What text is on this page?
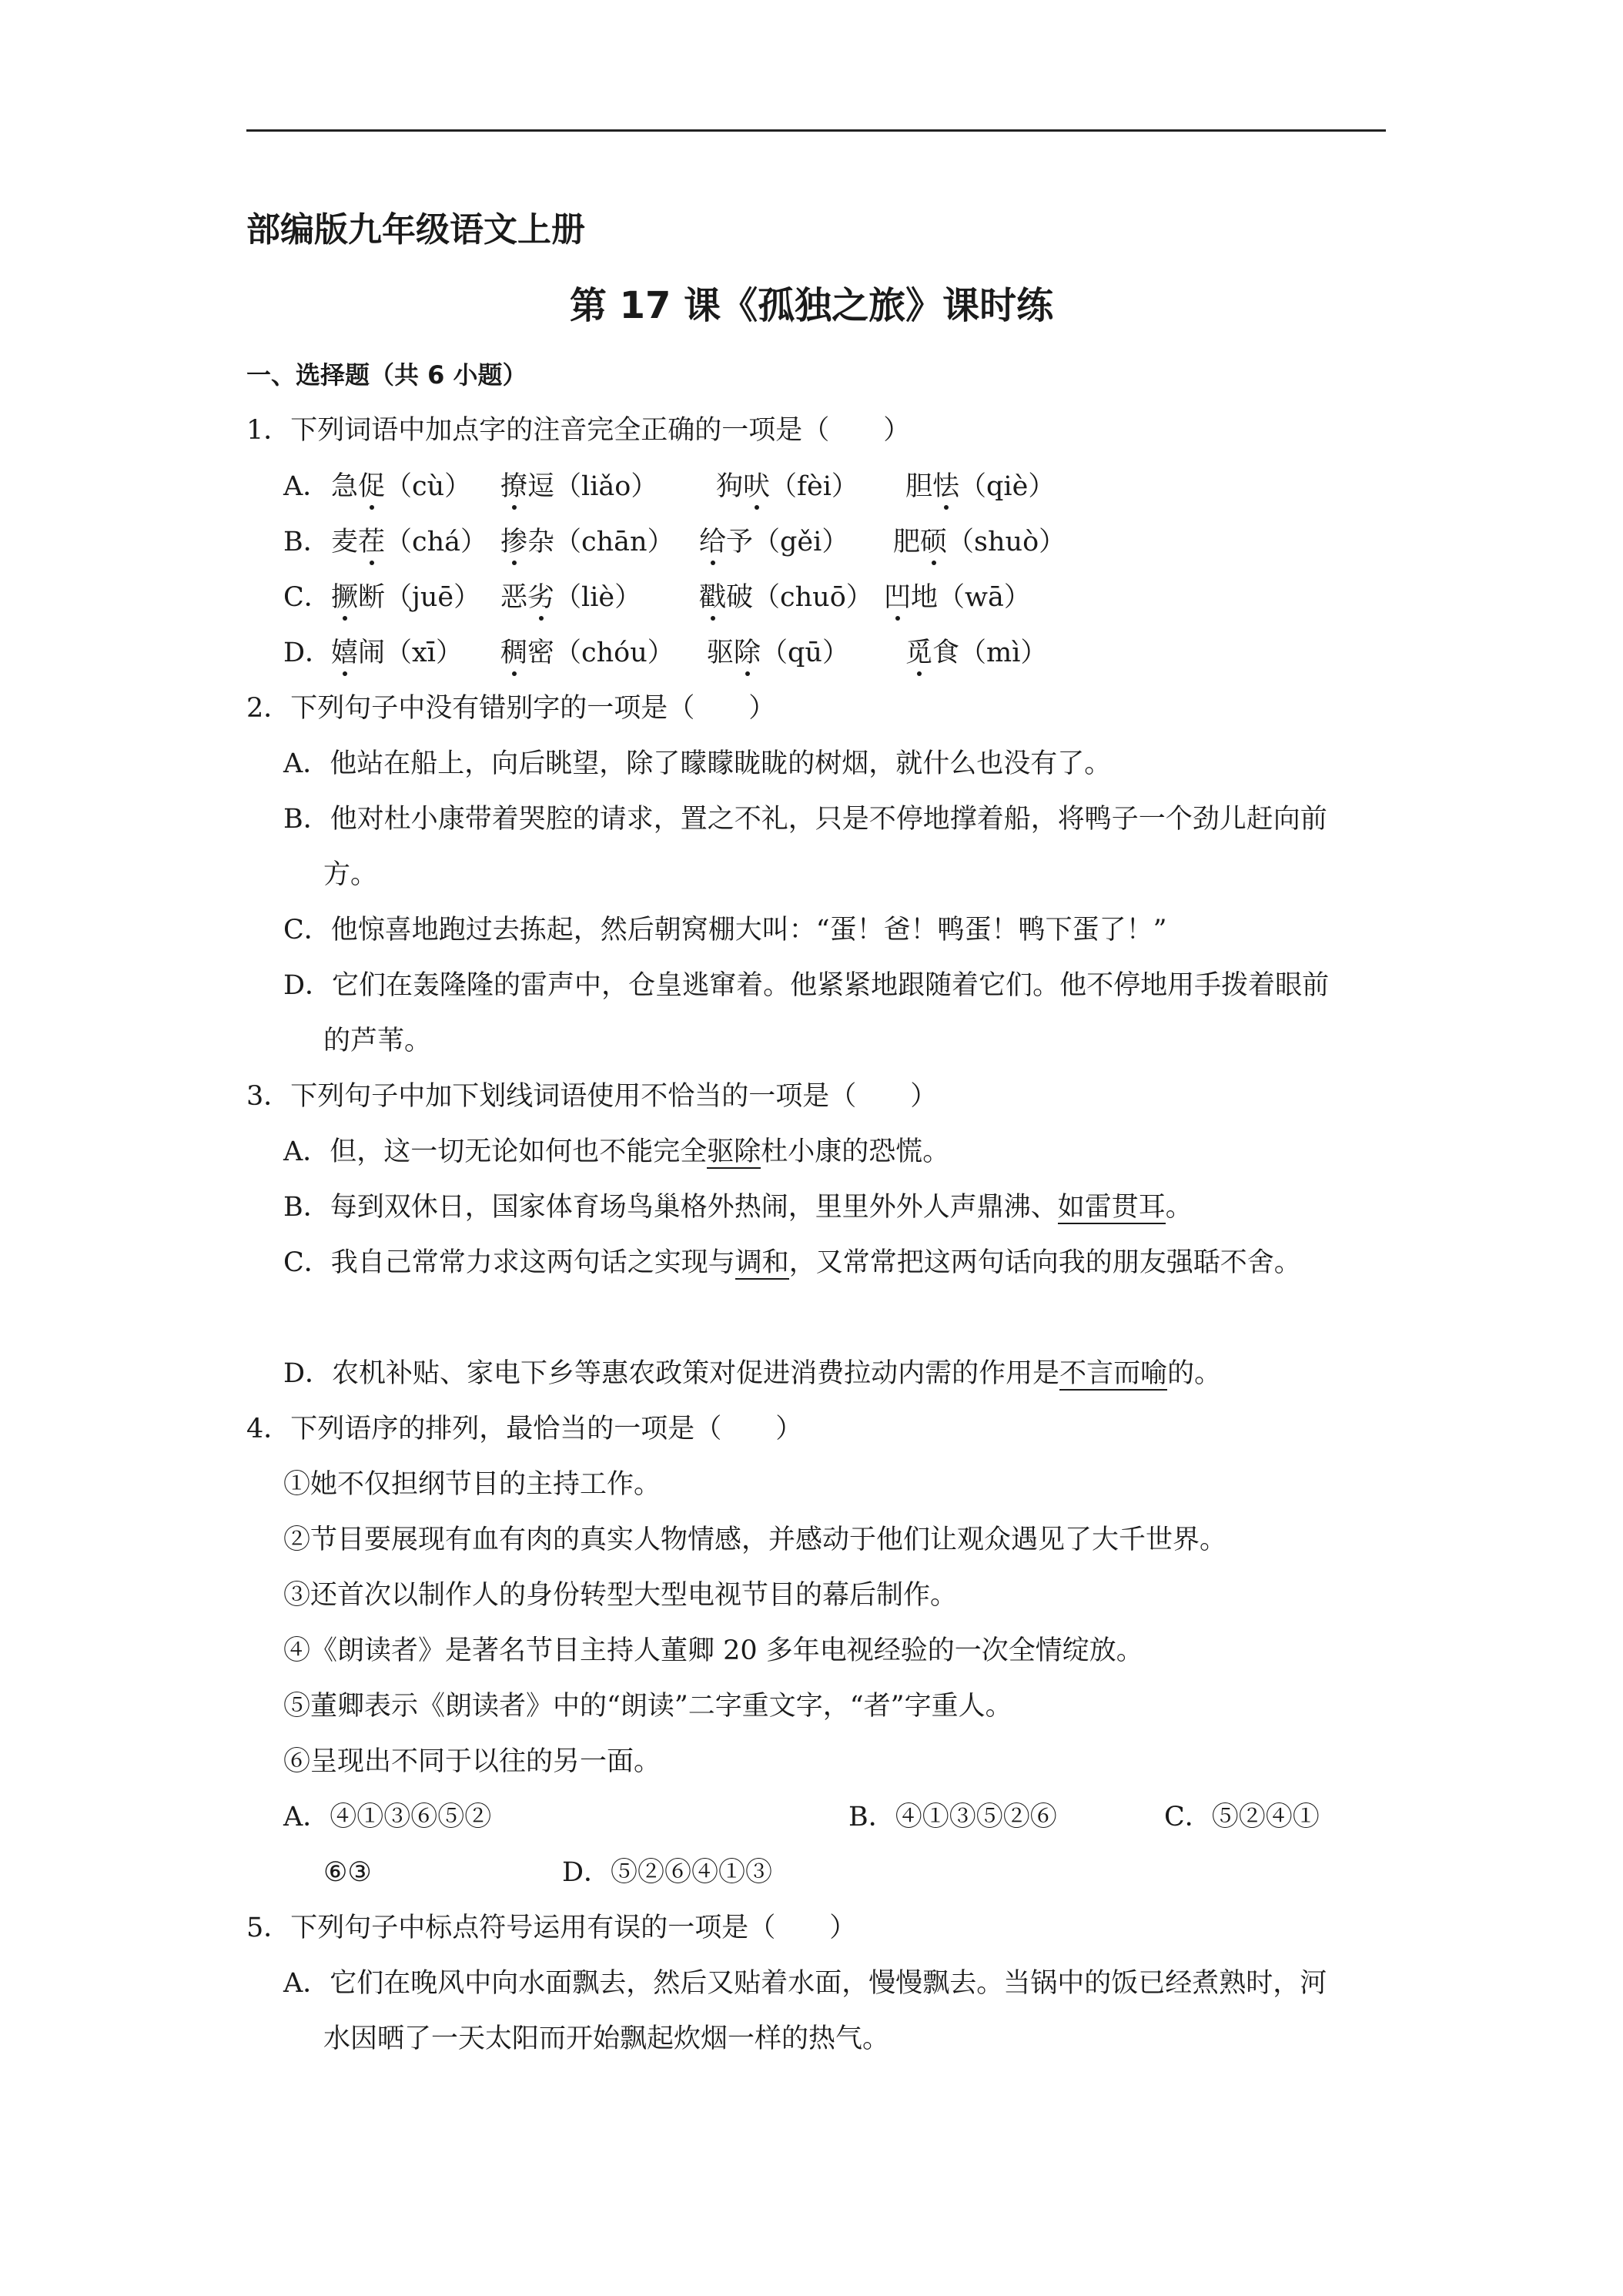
部编版九年级语文上册
第 17 课《孤独之旅》课时练
一、选择题（共 6 小题）
1．下列词语中加点字的注音完全正确的一项是（　　）
A． 急促（cù） 撩逗（liǎo） 狗吠（fèi） 胆怯（qiè）
B． 麦茬（chá） 掺杂（chān） 给予（gěi） 肥硕（shuò）
C． 撅断（juē） 恶劣（liè） 戳破（chuō） 凹地（wā）
D．
嬉闹（xī） 稠密（chóu） 驱除（qū） 觅食（mì）
2．下列句子中没有错别字的一项是（　　）
A．他站在船上，向后眺望，除了矇矇眬眬的树烟，就什么也没有了。
B．他对杜小康带着哭腔的请求，置之不礼，只是不停地撑着船，将鸭子一个劲儿赶向前
方。
C．他惊喜地跑过去拣起，然后朝窝棚大叫：“蛋！爸！鸭蛋！鸭下蛋了！”
D．它们在轰隆隆的雷声中，仓皇逃窜着。他紧紧地跟随着它们。他不停地用手拨着眼前
的芦苇。
3．下列句子中加下划线词语使用不恰当的一项是（　　）
A．但，这一切无论如何也不能完全驱除杜小康的恐慌。
B．每到双休日，国家体育场鸟巢格外热闹，里里外外人声鼎沸、如雷贯耳。
C．我自己常常力求这两句话之实现与调和，又常常把这两句话向我的朋友强聒不舍。
D．农机补贴、家电下乡等惠农政策对促进消费拉动内需的作用是不言而喻的。
4．下列语序的排列，最恰当的一项是（　　）
①她不仅担纲节目的主持工作。
②节目要展现有血有肉的真实人物情感，并感动于他们让观众遇见了大千世界。
③还首次以制作人的身份转型大型电视节目的幕后制作。
④《朗读者》是著名节目主持人董卿 20 多年电视经验的一次全情绽放。
⑤董卿表示《朗读者》中的“朗读”二字重文字，“者”字重人。
⑥呈现出不同于以往的另一面。
A．④①③⑥⑤②	B．④①③⑤②⑥	C．⑤②④①
⑥③	D．⑤②⑥④①③
5．下列句子中标点符号运用有误的一项是（　　）
A．它们在晚风中向水面飘去，然后又贴着水面，慢慢飘去。当锅中的饭已经煮熟时，河
水因晒了一天太阳而开始飘起炊烟一样的热气。
